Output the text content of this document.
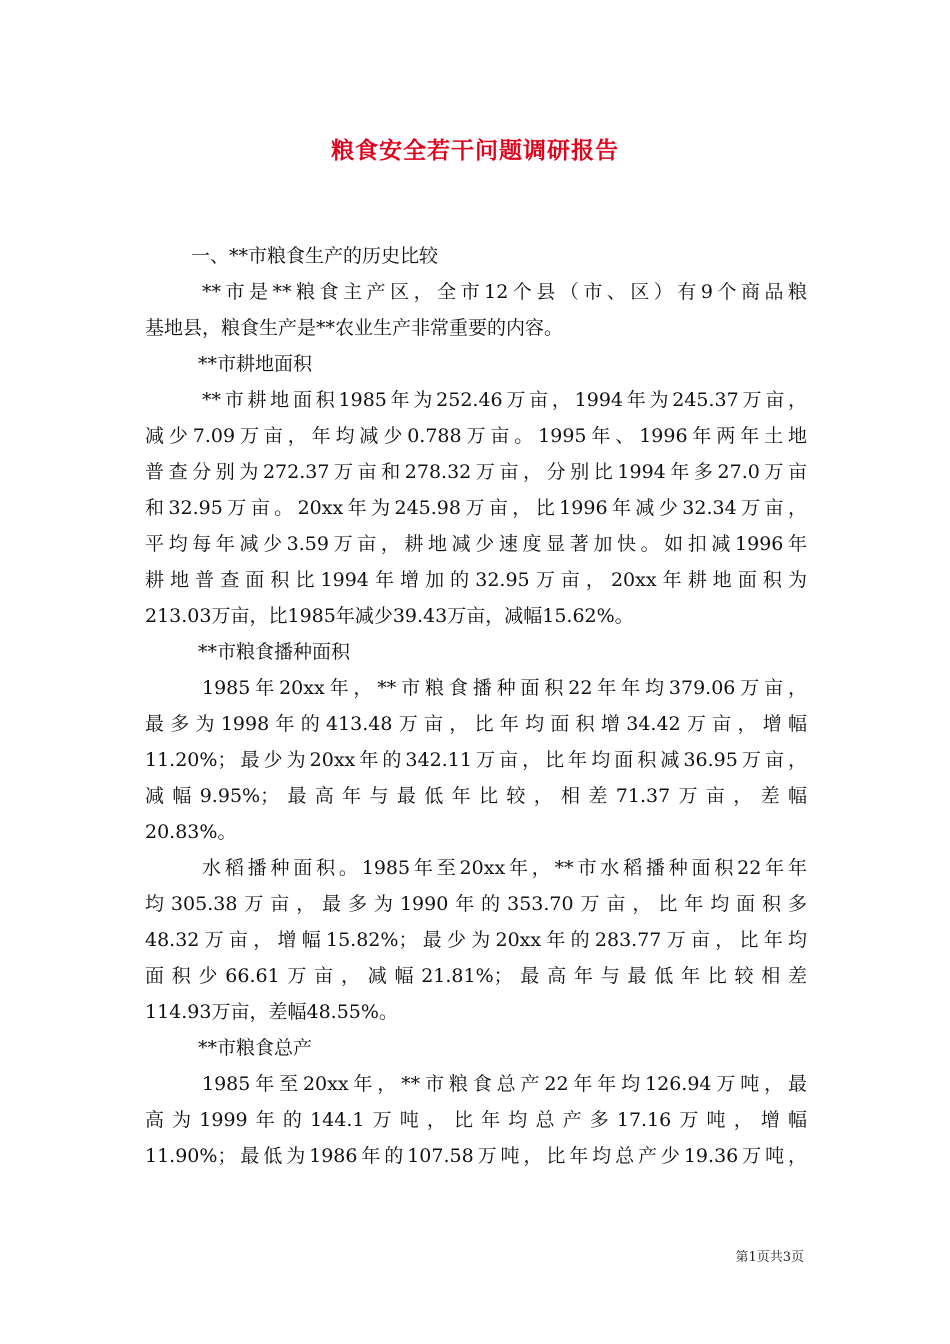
粮食安全若干问题调研报告
一、**市粮食生产的历史比较
**市是**粮食主产区，全市12个县（市、区）有9个商品粮
基地县，粮食生产是**农业生产非常重要的内容。
**市耕地面积
**市耕地面积1985年为252.46万亩，1994年为245.37万亩，
减少7.09万亩，年均减少0.788万亩。1995年、1996年两年土地
普查分别为272.37万亩和278.32万亩，分别比1994年多27.0万亩
和32.95万亩。20xx年为245.98万亩，比1996年减少32.34万亩，
平均每年减少3.59万亩，耕地减少速度显著加快。如扣减1996年
耕地普查面积比1994年增加的32.95万亩，20xx年耕地面积为
213.03万亩，比1985年减少39.43万亩，减幅15.62%。
**市粮食播种面积
1985年20xx年，**市粮食播种面积22年年均379.06万亩，
最多为1998年的413.48万亩，比年均面积增34.42万亩，增幅
11.20%；最少为20xx年的342.11万亩，比年均面积减36.95万亩，
减幅9.95%；最高年与最低年比较，相差71.37万亩，差幅
20.83%。
水稻播种面积。1985年至20xx年，**市水稻播种面积22年年
均305.38万亩，最多为1990年的353.70万亩，比年均面积多
48.32万亩，增幅15.82%；最少为20xx年的283.77万亩，比年均
面积少66.61万亩，减幅21.81%；最高年与最低年比较相差
114.93万亩，差幅48.55%。
**市粮食总产
1985年至20xx年，**市粮食总产22年年均126.94万吨，最
高为1999年的144.1万吨，比年均总产多17.16万吨，增幅
11.90%；最低为1986年的107.58万吨，比年均总产少19.36万吨，
第1页共3页
